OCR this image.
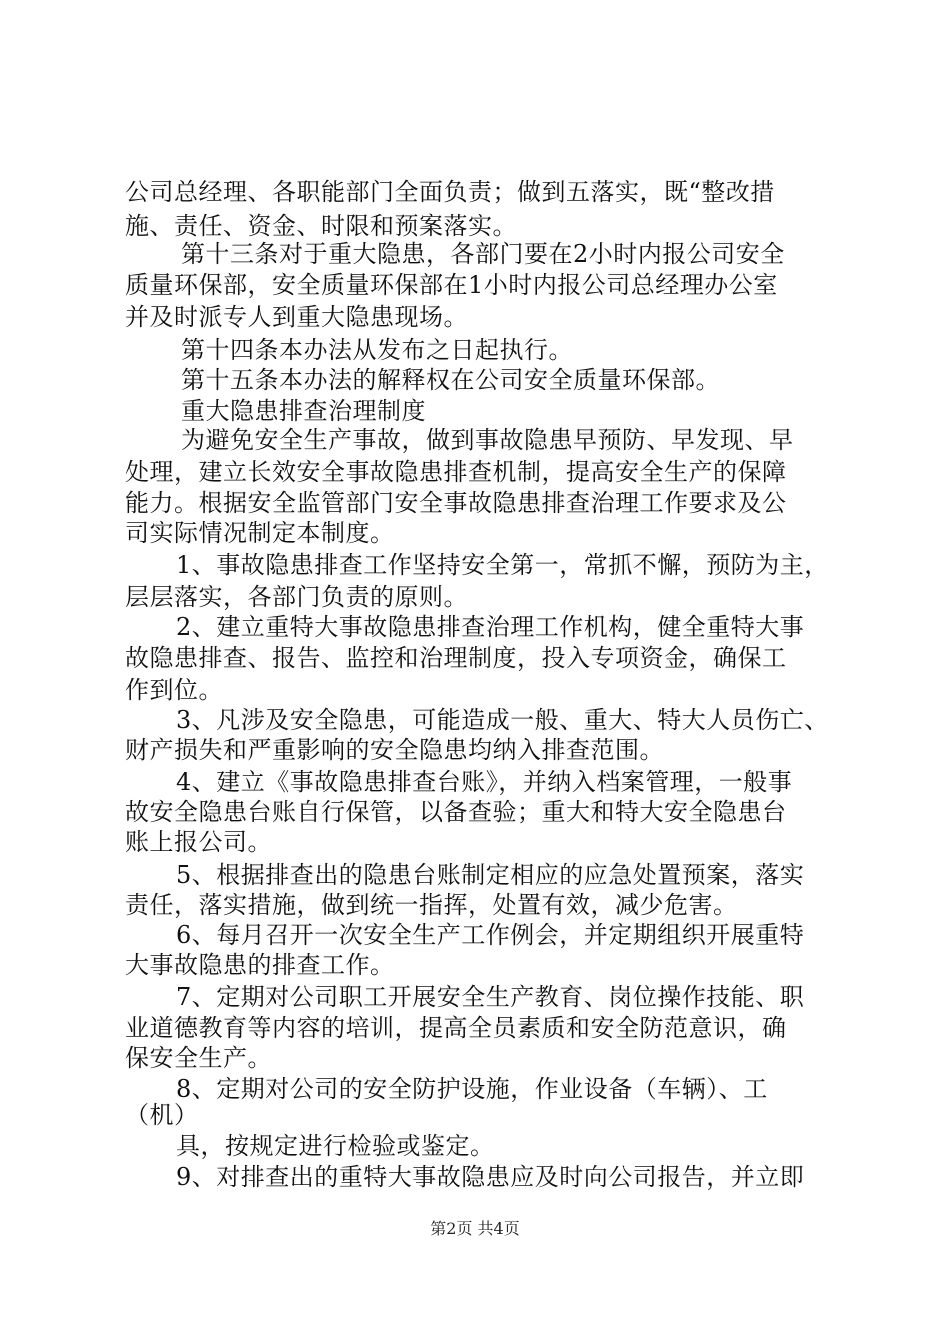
公司总经理、各职能部门全面负责；做到五落实，既“整改措
施、责任、资金、时限和预案落实。
第十三条对于重大隐患，各部门要在2小时内报公司安全
质量环保部，安全质量环保部在1小时内报公司总经理办公室
并及时派专人到重大隐患现场。
第十四条本办法从发布之日起执行。
第十五条本办法的解释权在公司安全质量环保部。
重大隐患排查治理制度
为避免安全生产事故，做到事故隐患早预防、早发现、早
处理，建立长效安全事故隐患排查机制，提高安全生产的保障
能力。根据安全监管部门安全事故隐患排查治理工作要求及公
司实际情况制定本制度。
1、事故隐患排查工作坚持安全第一，常抓不懈，预防为主，
层层落实，各部门负责的原则。
2、建立重特大事故隐患排查治理工作机构，健全重特大事
故隐患排查、报告、监控和治理制度，投入专项资金，确保工
作到位。
3、凡涉及安全隐患，可能造成一般、重大、特大人员伤亡、
财产损失和严重影响的安全隐患均纳入排查范围。
4、建立《事故隐患排查台账》，并纳入档案管理，一般事
故安全隐患台账自行保管，以备查验；重大和特大安全隐患台
账上报公司。
5、根据排查出的隐患台账制定相应的应急处置预案，落实
责任，落实措施，做到统一指挥，处置有效，减少危害。
6、每月召开一次安全生产工作例会，并定期组织开展重特
大事故隐患的排查工作。
7、定期对公司职工开展安全生产教育、岗位操作技能、职
业道德教育等内容的培训，提高全员素质和安全防范意识，确
保安全生产。
8、定期对公司的安全防护设施，作业设备（车辆）、工
（机）
具，按规定进行检验或鉴定。
9、对排查出的重特大事故隐患应及时向公司报告，并立即
第2页 共4页
